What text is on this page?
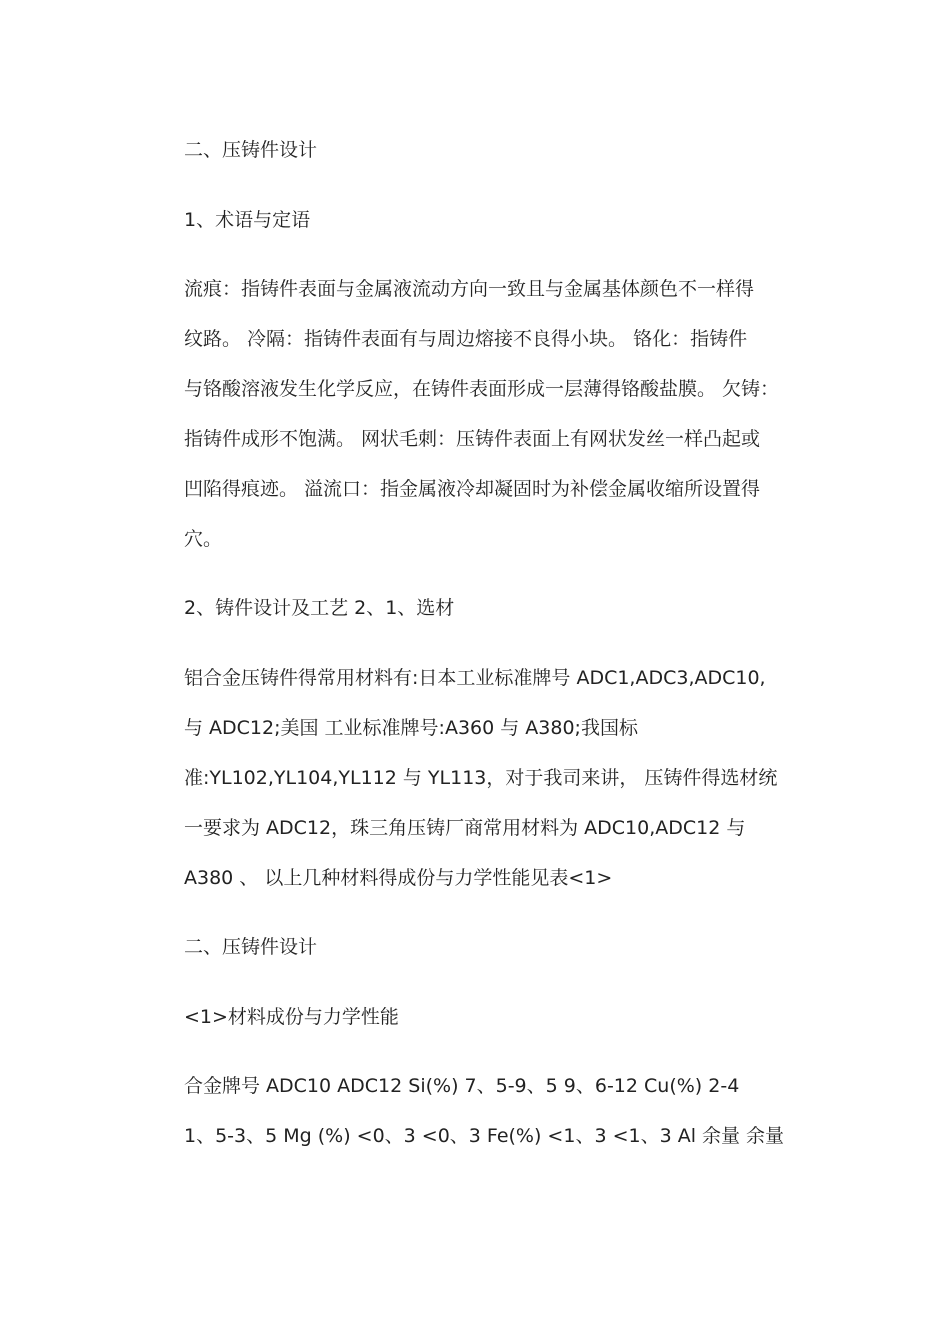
二、压铸件设计
1、术语与定语
流痕：指铸件表面与金属液流动方向一致且与金属基体颜色不一样得
纹路。 冷隔：指铸件表面有与周边熔接不良得小块。 铬化：指铸件
与铬酸溶液发生化学反应，在铸件表面形成一层薄得铬酸盐膜。 欠铸：
指铸件成形不饱满。 网状毛刺：压铸件表面上有网状发丝一样凸起或
凹陷得痕迹。 溢流口：指金属液冷却凝固时为补偿金属收缩所设置得
穴。
2、铸件设计及工艺 2、1、选材
铝合金压铸件得常用材料有:日本工业标准牌号 ADC1,ADC3,ADC10,
与 ADC12;美国 工业标准牌号:A360 与 A380;我国标
准:YL102,YL104,YL112 与 YL113，对于我司来讲， 压铸件得选材统
一要求为 ADC12，珠三角压铸厂商常用材料为 ADC10,ADC12 与
A380 、 以上几种材料得成份与力学性能见表<1>
二、压铸件设计
<1>材料成份与力学性能
合金牌号 ADC10 ADC12 Si(%) 7、5-9、5 9、6-12 Cu(%) 2-4
1、5-3、5 Mg (%) <0、3 <0、3 Fe(%) <1、3 <1、3 Al 余量 余量
